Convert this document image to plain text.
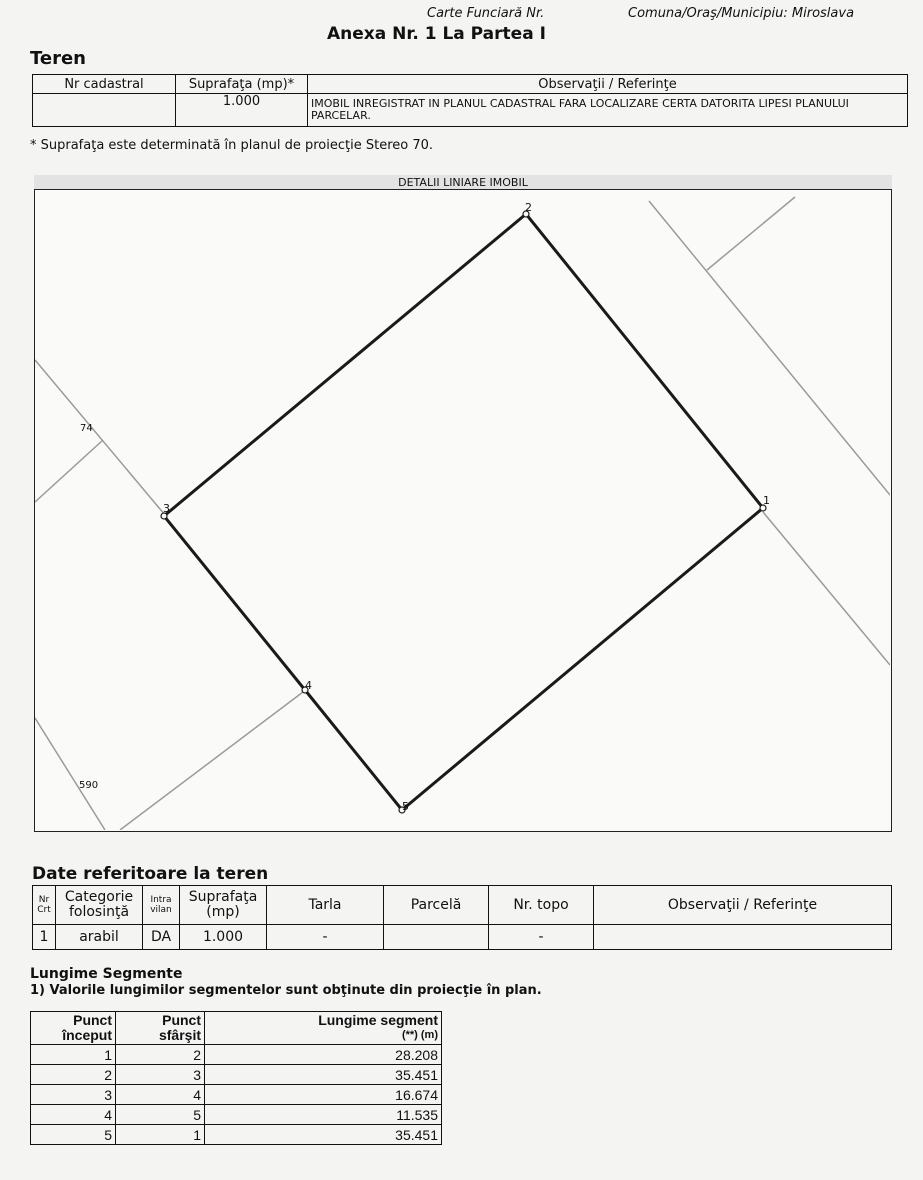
Carte Funciară Nr.	Comuna/Oraş/Municipiu: Miroslava
Anexa Nr. 1 La Partea I
Teren
Nr cadastral	Suprafaţa (mp)*	Observaţii / Referinţe
	1.000	IMOBIL INREGISTRAT IN PLANUL CADASTRAL FARA LOCALIZARE CERTA DATORITA LIPESI PLANULUI PARCELAR.
* Suprafaţa este determinată în planul de proiecţie Stereo 70.
DETALII LINIARE IMOBIL
1
2
3
4
5
74
590
Date referitoare la teren
Nr Crt	Categorie folosinţă	Intra vilan	Suprafaţa (mp)	Tarla	Parcelă	Nr. topo	Observaţii / Referinţe
1	arabil	DA	1.000	-		-	
Lungime Segmente
1) Valorile lungimilor segmentelor sunt obţinute din proiecţie în plan.
Punct început	Punct sfârşit	Lungime segment
(**) (m)

1	2	28.208
2	3	35.451
3	4	16.674
4	5	11.535
5	1	35.451
